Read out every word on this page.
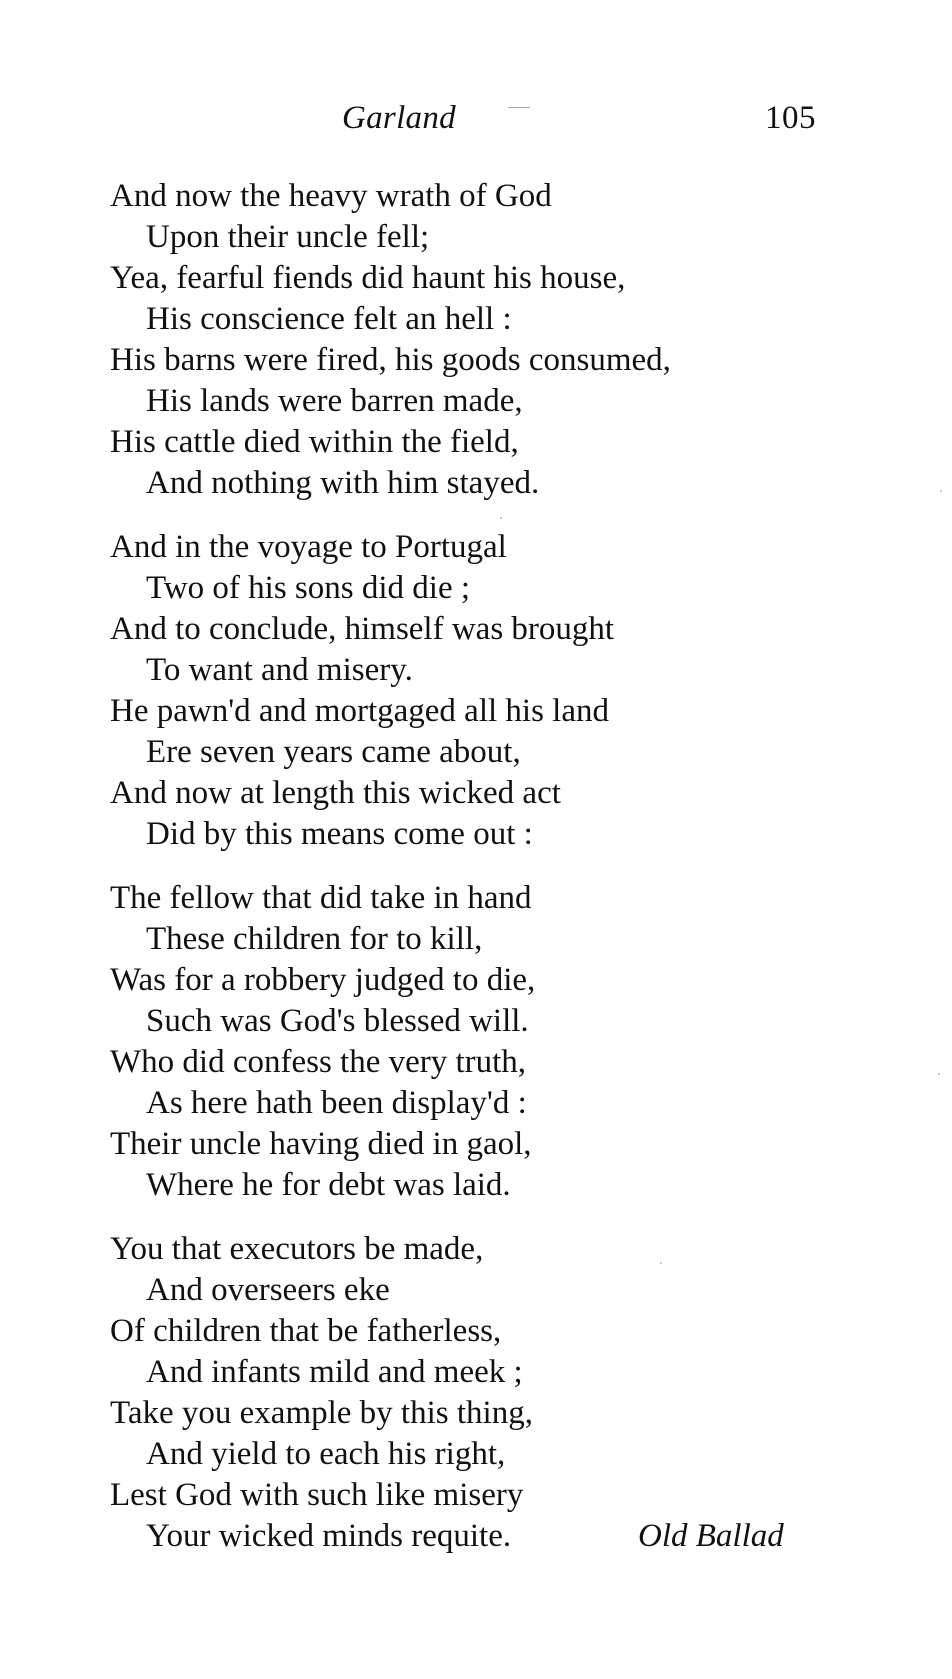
Garland	105
And now the heavy wrath of God
Upon their uncle fell;
Yea, fearful fiends did haunt his house,
His conscience felt an hell :
His barns were fired, his goods consumed,
His lands were barren made,
His cattle died within the field,
And nothing with him stayed.
And in the voyage to Portugal
Two of his sons did die ;
And to conclude, himself was brought
To want and misery.
He pawn'd and mortgaged all his land
Ere seven years came about,
And now at length this wicked act
Did by this means come out :
The fellow that did take in hand
These children for to kill,
Was for a robbery judged to die,
Such was God's blessed will.
Who did confess the very truth,
As here hath been display'd :
Their uncle having died in gaol,
Where he for debt was laid.
You that executors be made,
And overseers eke
Of children that be fatherless,
And infants mild and meek ;
Take you example by this thing,
And yield to each his right,
Lest God with such like misery
Your wicked minds requite.	Old Ballad
